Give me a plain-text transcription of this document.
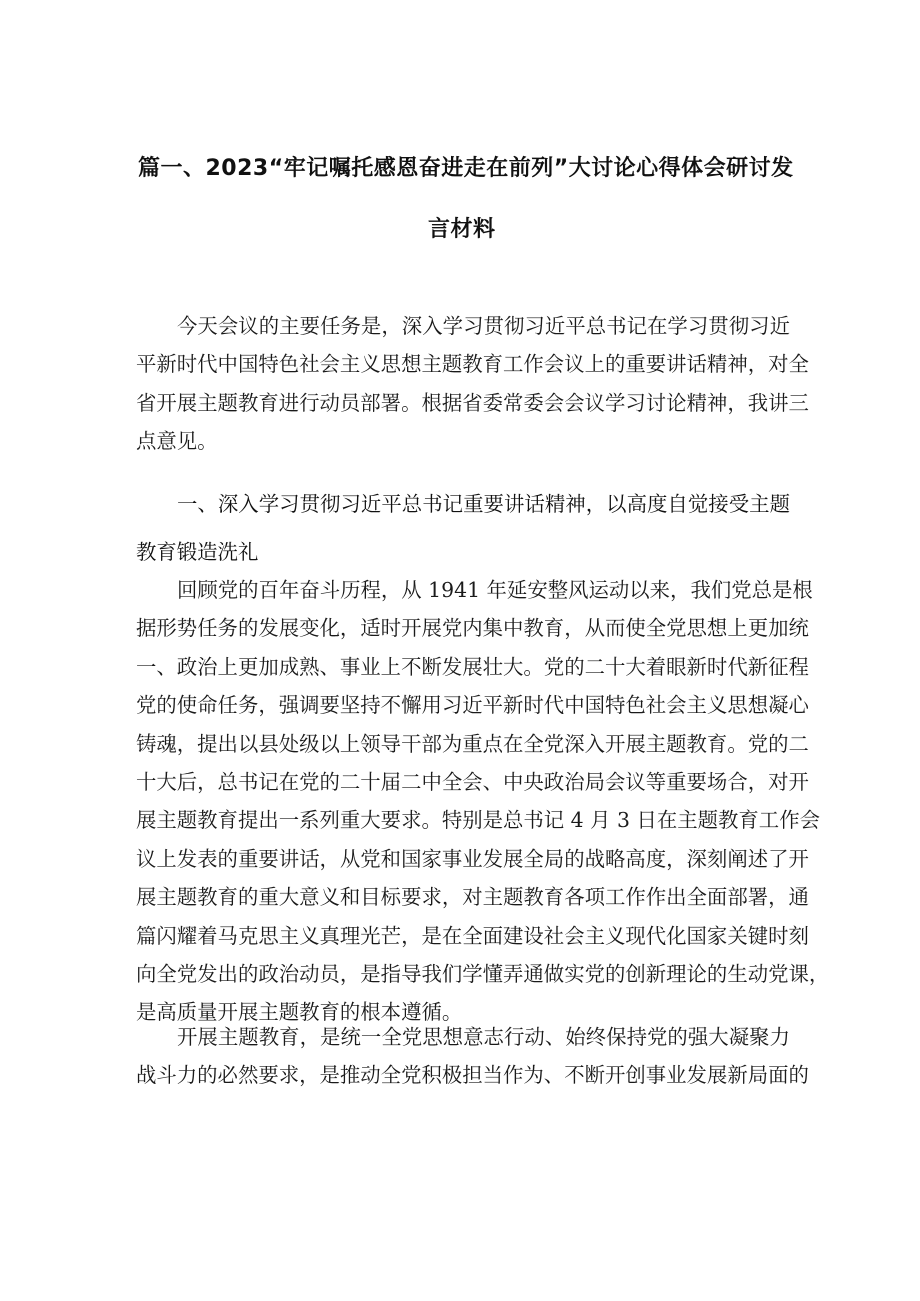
篇一、2023“牢记嘱托感恩奋进走在前列”大讨论心得体会研讨发
言材料
今天会议的主要任务是，深入学习贯彻习近平总书记在学习贯彻习近
平新时代中国特色社会主义思想主题教育工作会议上的重要讲话精神，对全
省开展主题教育进行动员部署。根据省委常委会会议学习讨论精神，我讲三
点意见。
一、深入学习贯彻习近平总书记重要讲话精神，以高度自觉接受主题
教育锻造洗礼
回顾党的百年奋斗历程，从 1941 年延安整风运动以来，我们党总是根
据形势任务的发展变化，适时开展党内集中教育，从而使全党思想上更加统
一、政治上更加成熟、事业上不断发展壮大。党的二十大着眼新时代新征程
党的使命任务，强调要坚持不懈用习近平新时代中国特色社会主义思想凝心
铸魂，提出以县处级以上领导干部为重点在全党深入开展主题教育。党的二
十大后，总书记在党的二十届二中全会、中央政治局会议等重要场合，对开
展主题教育提出一系列重大要求。特别是总书记 4 月 3 日在主题教育工作会
议上发表的重要讲话，从党和国家事业发展全局的战略高度，深刻阐述了开
展主题教育的重大意义和目标要求，对主题教育各项工作作出全面部署，通
篇闪耀着马克思主义真理光芒，是在全面建设社会主义现代化国家关键时刻
向全党发出的政治动员，是指导我们学懂弄通做实党的创新理论的生动党课，
是高质量开展主题教育的根本遵循。
开展主题教育，是统一全党思想意志行动、始终保持党的强大凝聚力
战斗力的必然要求，是推动全党积极担当作为、不断开创事业发展新局面的
